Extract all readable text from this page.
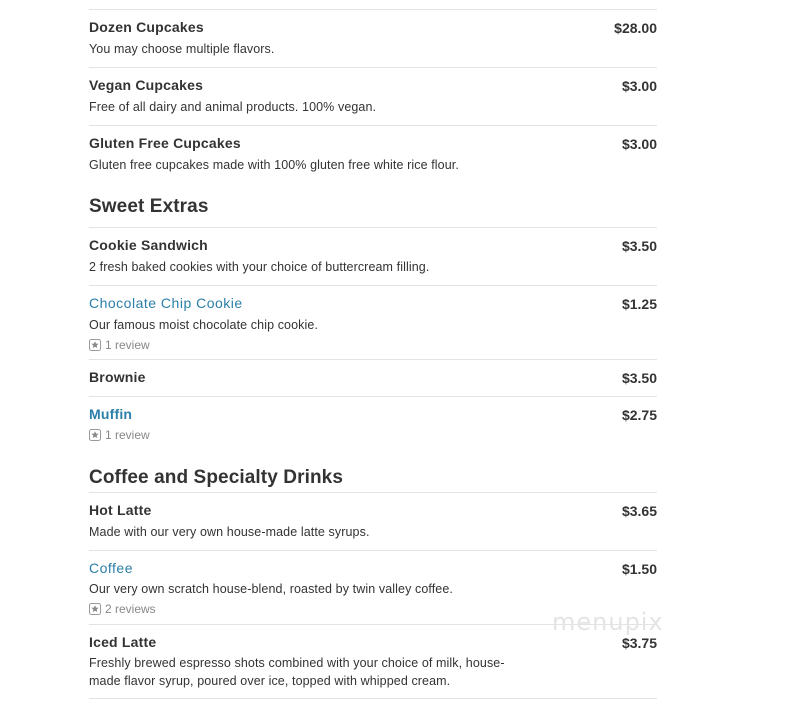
Dozen Cupcakes	$28.00
You may choose multiple flavors.
Vegan Cupcakes	$3.00
Free of all dairy and animal products. 100% vegan.
Gluten Free Cupcakes	$3.00
Gluten free cupcakes made with 100% gluten free white rice flour.
Sweet Extras
Cookie Sandwich	$3.50
2 fresh baked cookies with your choice of buttercream filling.
Chocolate Chip Cookie	$1.25
Our famous moist chocolate chip cookie.
1 review
Brownie	$3.50
Muffin	$2.75
1 review
Coffee and Specialty Drinks
Hot Latte	$3.65
Made with our very own house-made latte syrups.
Coffee	$1.50
Our very own scratch house-blend, roasted by twin valley coffee.
2 reviews
Iced Latte	$3.75
Freshly brewed espresso shots combined with your choice of milk, house-made flavor syrup, poured over ice, topped with whipped cream.
menupix
